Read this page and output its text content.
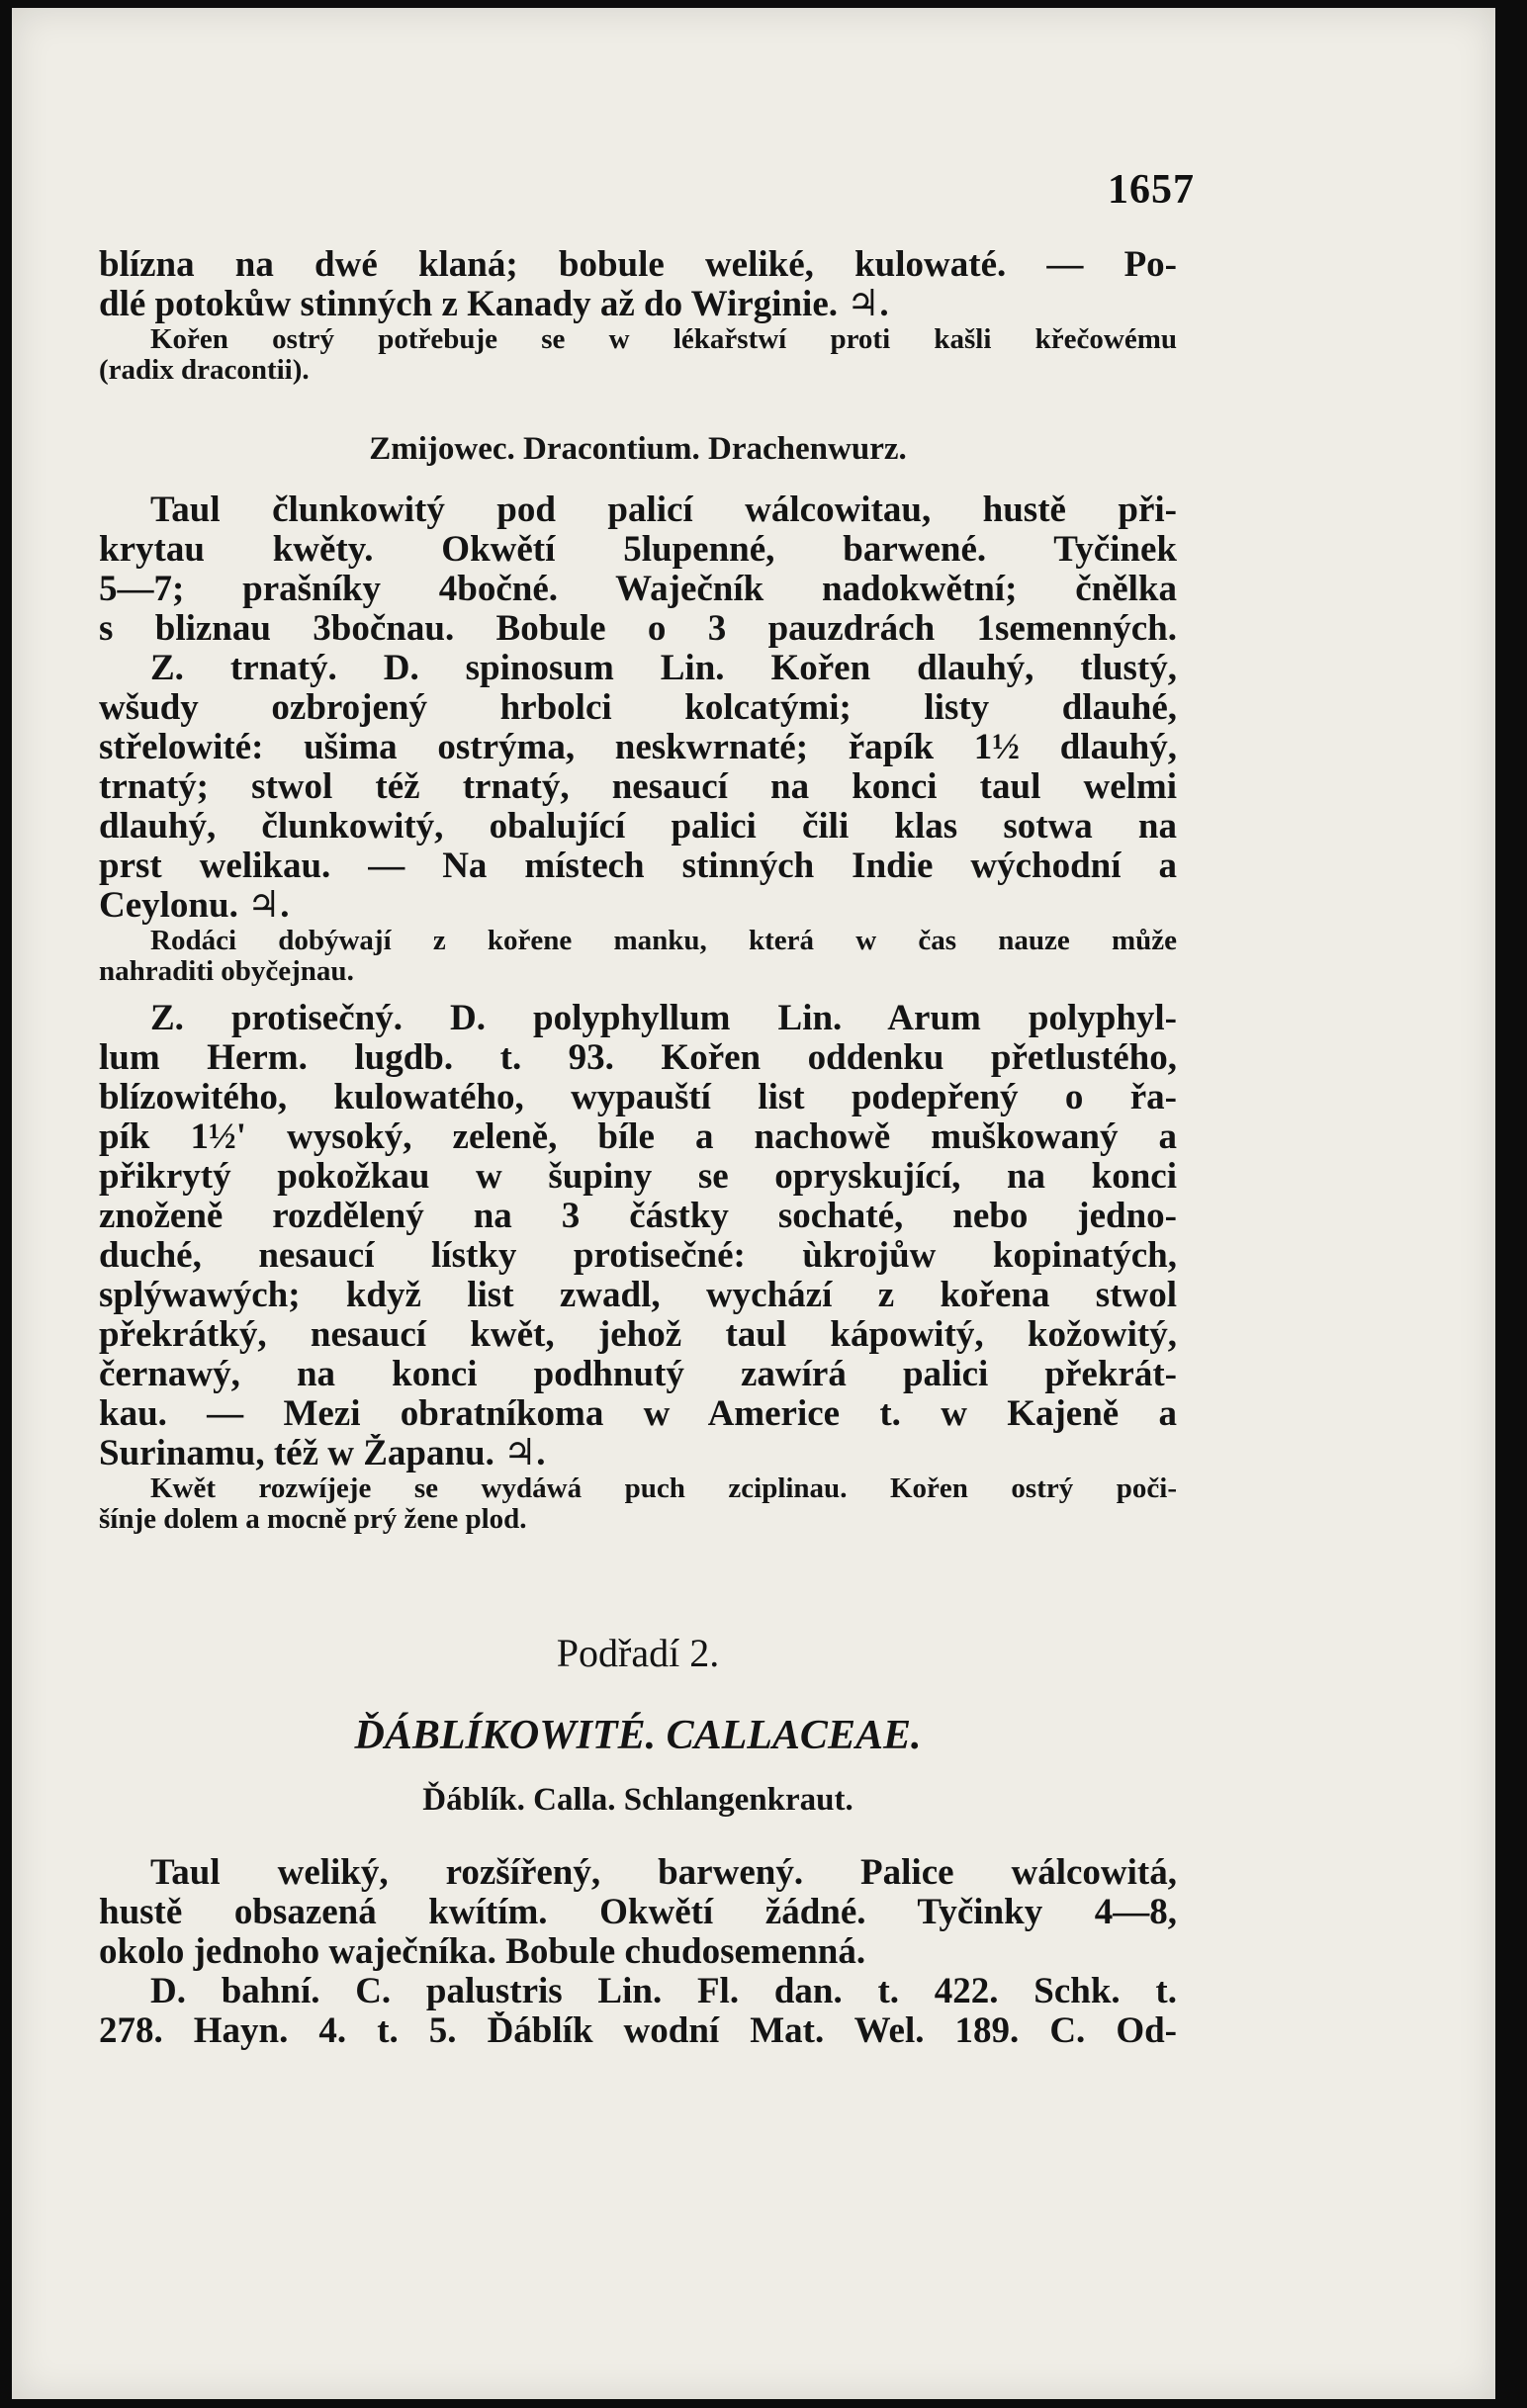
1657
blízna na dwé klaná; bobule weliké, kulowaté. — Po-
dlé potokůw stinných z Kanady až do Wirginie. ♃.
Kořen ostrý potřebuje se w lékařstwí proti kašli křečowému
(radix dracontii).
Zmijowec. Dracontium. Drachenwurz.
Taul člunkowitý pod palicí wálcowitau, hustě při-
krytau kwěty. Okwětí 5lupenné, barwené. Tyčinek
5—7; prašníky 4bočné. Waječník nadokwětní; čnělka
s bliznau 3bočnau. Bobule o 3 pauzdrách 1semenných.
Z. trnatý. D. spinosum Lin. Kořen dlauhý, tlustý,
wšudy ozbrojený hrbolci kolcatými; listy dlauhé,
střelowité: ušima ostrýma, neskwrnaté; řapík 1½ dlauhý,
trnatý; stwol též trnatý, nesaucí na konci taul welmi
dlauhý, člunkowitý, obalující palici čili klas sotwa na
prst welikau. — Na místech stinných Indie wýchodní a
Ceylonu. ♃.
Rodáci dobýwají z kořene manku, která w čas nauze může
nahraditi obyčejnau.
Z. protisečný. D. polyphyllum Lin. Arum polyphyl-
lum Herm. lugdb. t. 93. Kořen oddenku přetlustého,
blízowitého, kulowatého, wypauští list podepřený o řa-
pík 1½' wysoký, zeleně, bíle a nachowě muškowaný a
přikrytý pokožkau w šupiny se opryskující, na konci
znoženě rozdělený na 3 částky sochaté, nebo jedno-
duché, nesaucí lístky protisečné: ùkrojůw kopinatých,
splýwawých; když list zwadl, wychází z kořena stwol
překrátký, nesaucí kwět, jehož taul kápowitý, kožowitý,
černawý, na konci podhnutý zawírá palici překrát-
kau. — Mezi obratníkoma w Americe t. w Kajeně a
Surinamu, též w Žapanu. ♃.
Kwět rozwíjeje se wydáwá puch zciplinau. Kořen ostrý poči-
šínje dolem a mocně prý žene plod.
Podřadí 2.
ĎÁBLÍKOWITÉ. CALLACEAE.
Ďáblík. Calla. Schlangenkraut.
Taul weliký, rozšířený, barwený. Palice wálcowitá,
hustě obsazená kwítím. Okwětí žádné. Tyčinky 4—8,
okolo jednoho waječníka. Bobule chudosemenná.
D. bahní. C. palustris Lin. Fl. dan. t. 422. Schk. t.
278. Hayn. 4. t. 5. Ďáblík wodní Mat. Wel. 189. C. Od-
